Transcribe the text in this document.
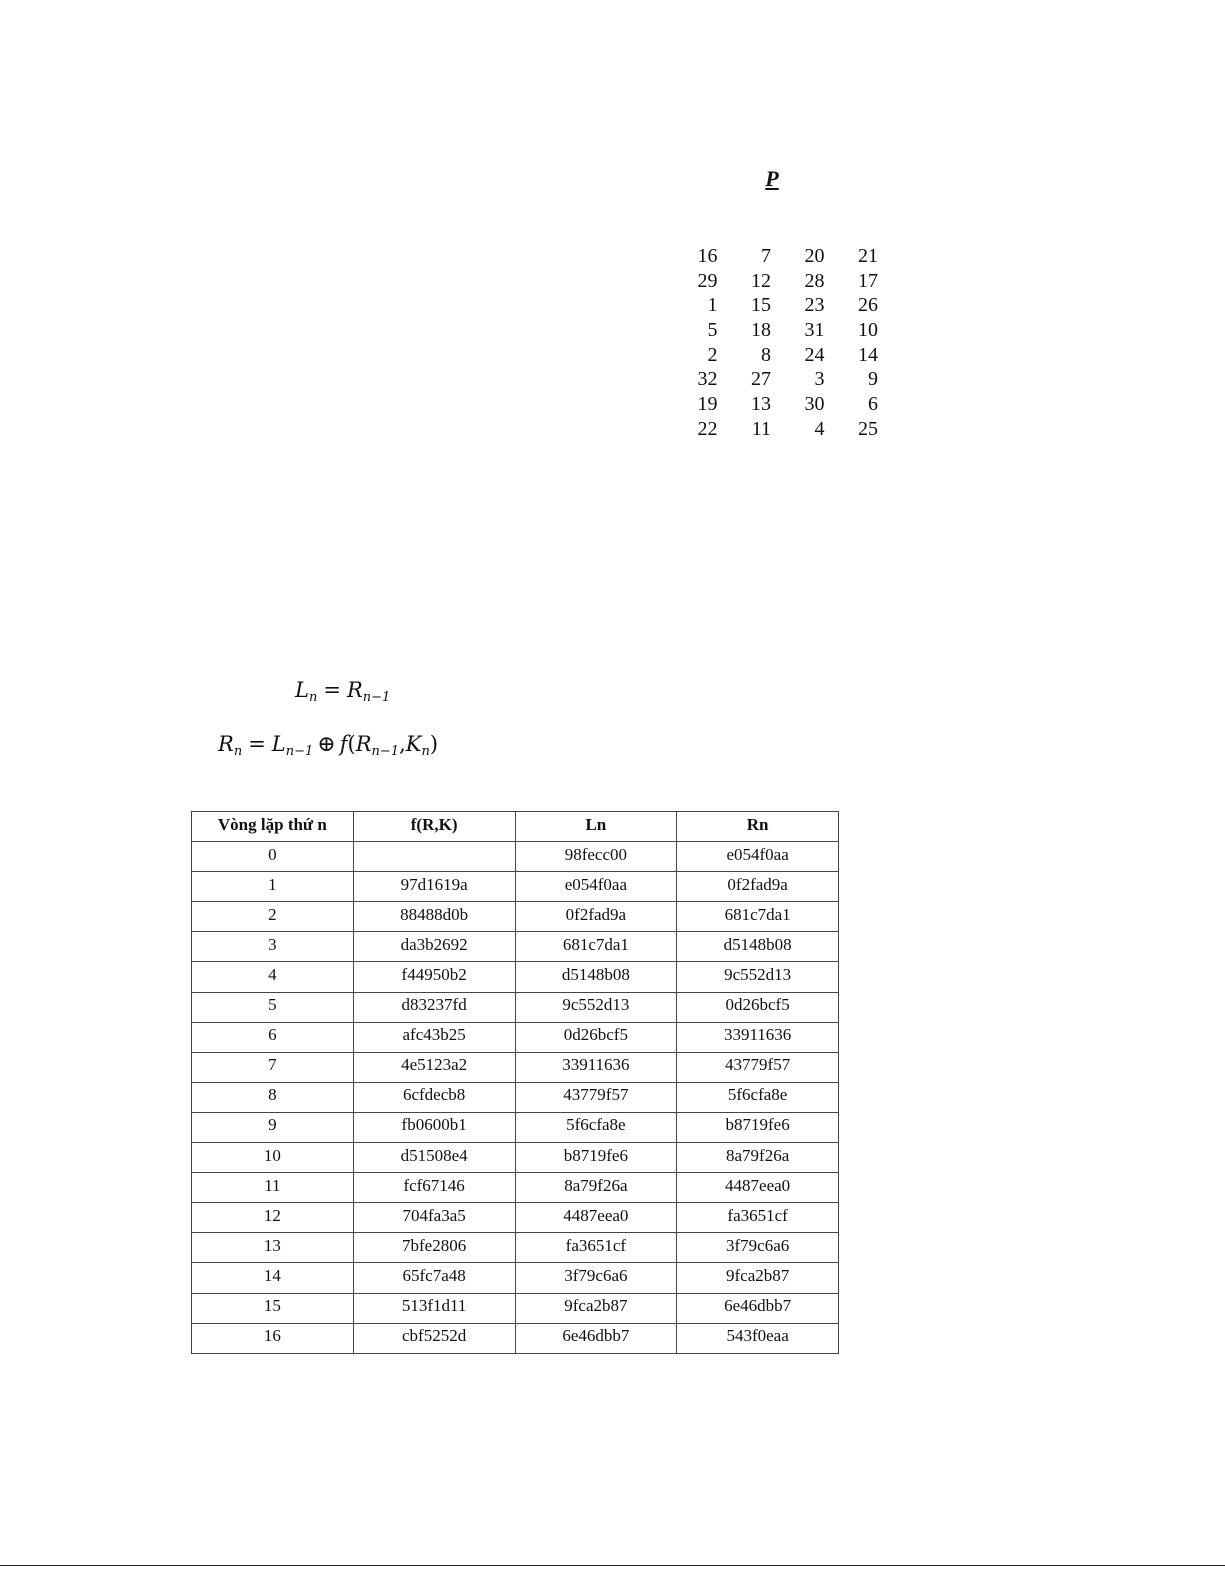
P
16	7	20	21
29	12	28	17
1	15	23	26
5	18	31	10
2	8	24	14
32	27	3	9
19	13	30	6
22	11	4	25
$L_n = R_{n-1}$
$R_n = L_{n-1}$ ⊕ $f(R_{n-1},K_n)$
Vòng lặp thứ n	f(R,K)	Ln	Rn
0		98fecc00	e054f0aa
1	97d1619a	e054f0aa	0f2fad9a
2	88488d0b	0f2fad9a	681c7da1
3	da3b2692	681c7da1	d5148b08
4	f44950b2	d5148b08	9c552d13
5	d83237fd	9c552d13	0d26bcf5
6	afc43b25	0d26bcf5	33911636
7	4e5123a2	33911636	43779f57
8	6cfdecb8	43779f57	5f6cfa8e
9	fb0600b1	5f6cfa8e	b8719fe6
10	d51508e4	b8719fe6	8a79f26a
11	fcf67146	8a79f26a	4487eea0
12	704fa3a5	4487eea0	fa3651cf
13	7bfe2806	fa3651cf	3f79c6a6
14	65fc7a48	3f79c6a6	9fca2b87
15	513f1d11	9fca2b87	6e46dbb7
16	cbf5252d	6e46dbb7	543f0eaa
